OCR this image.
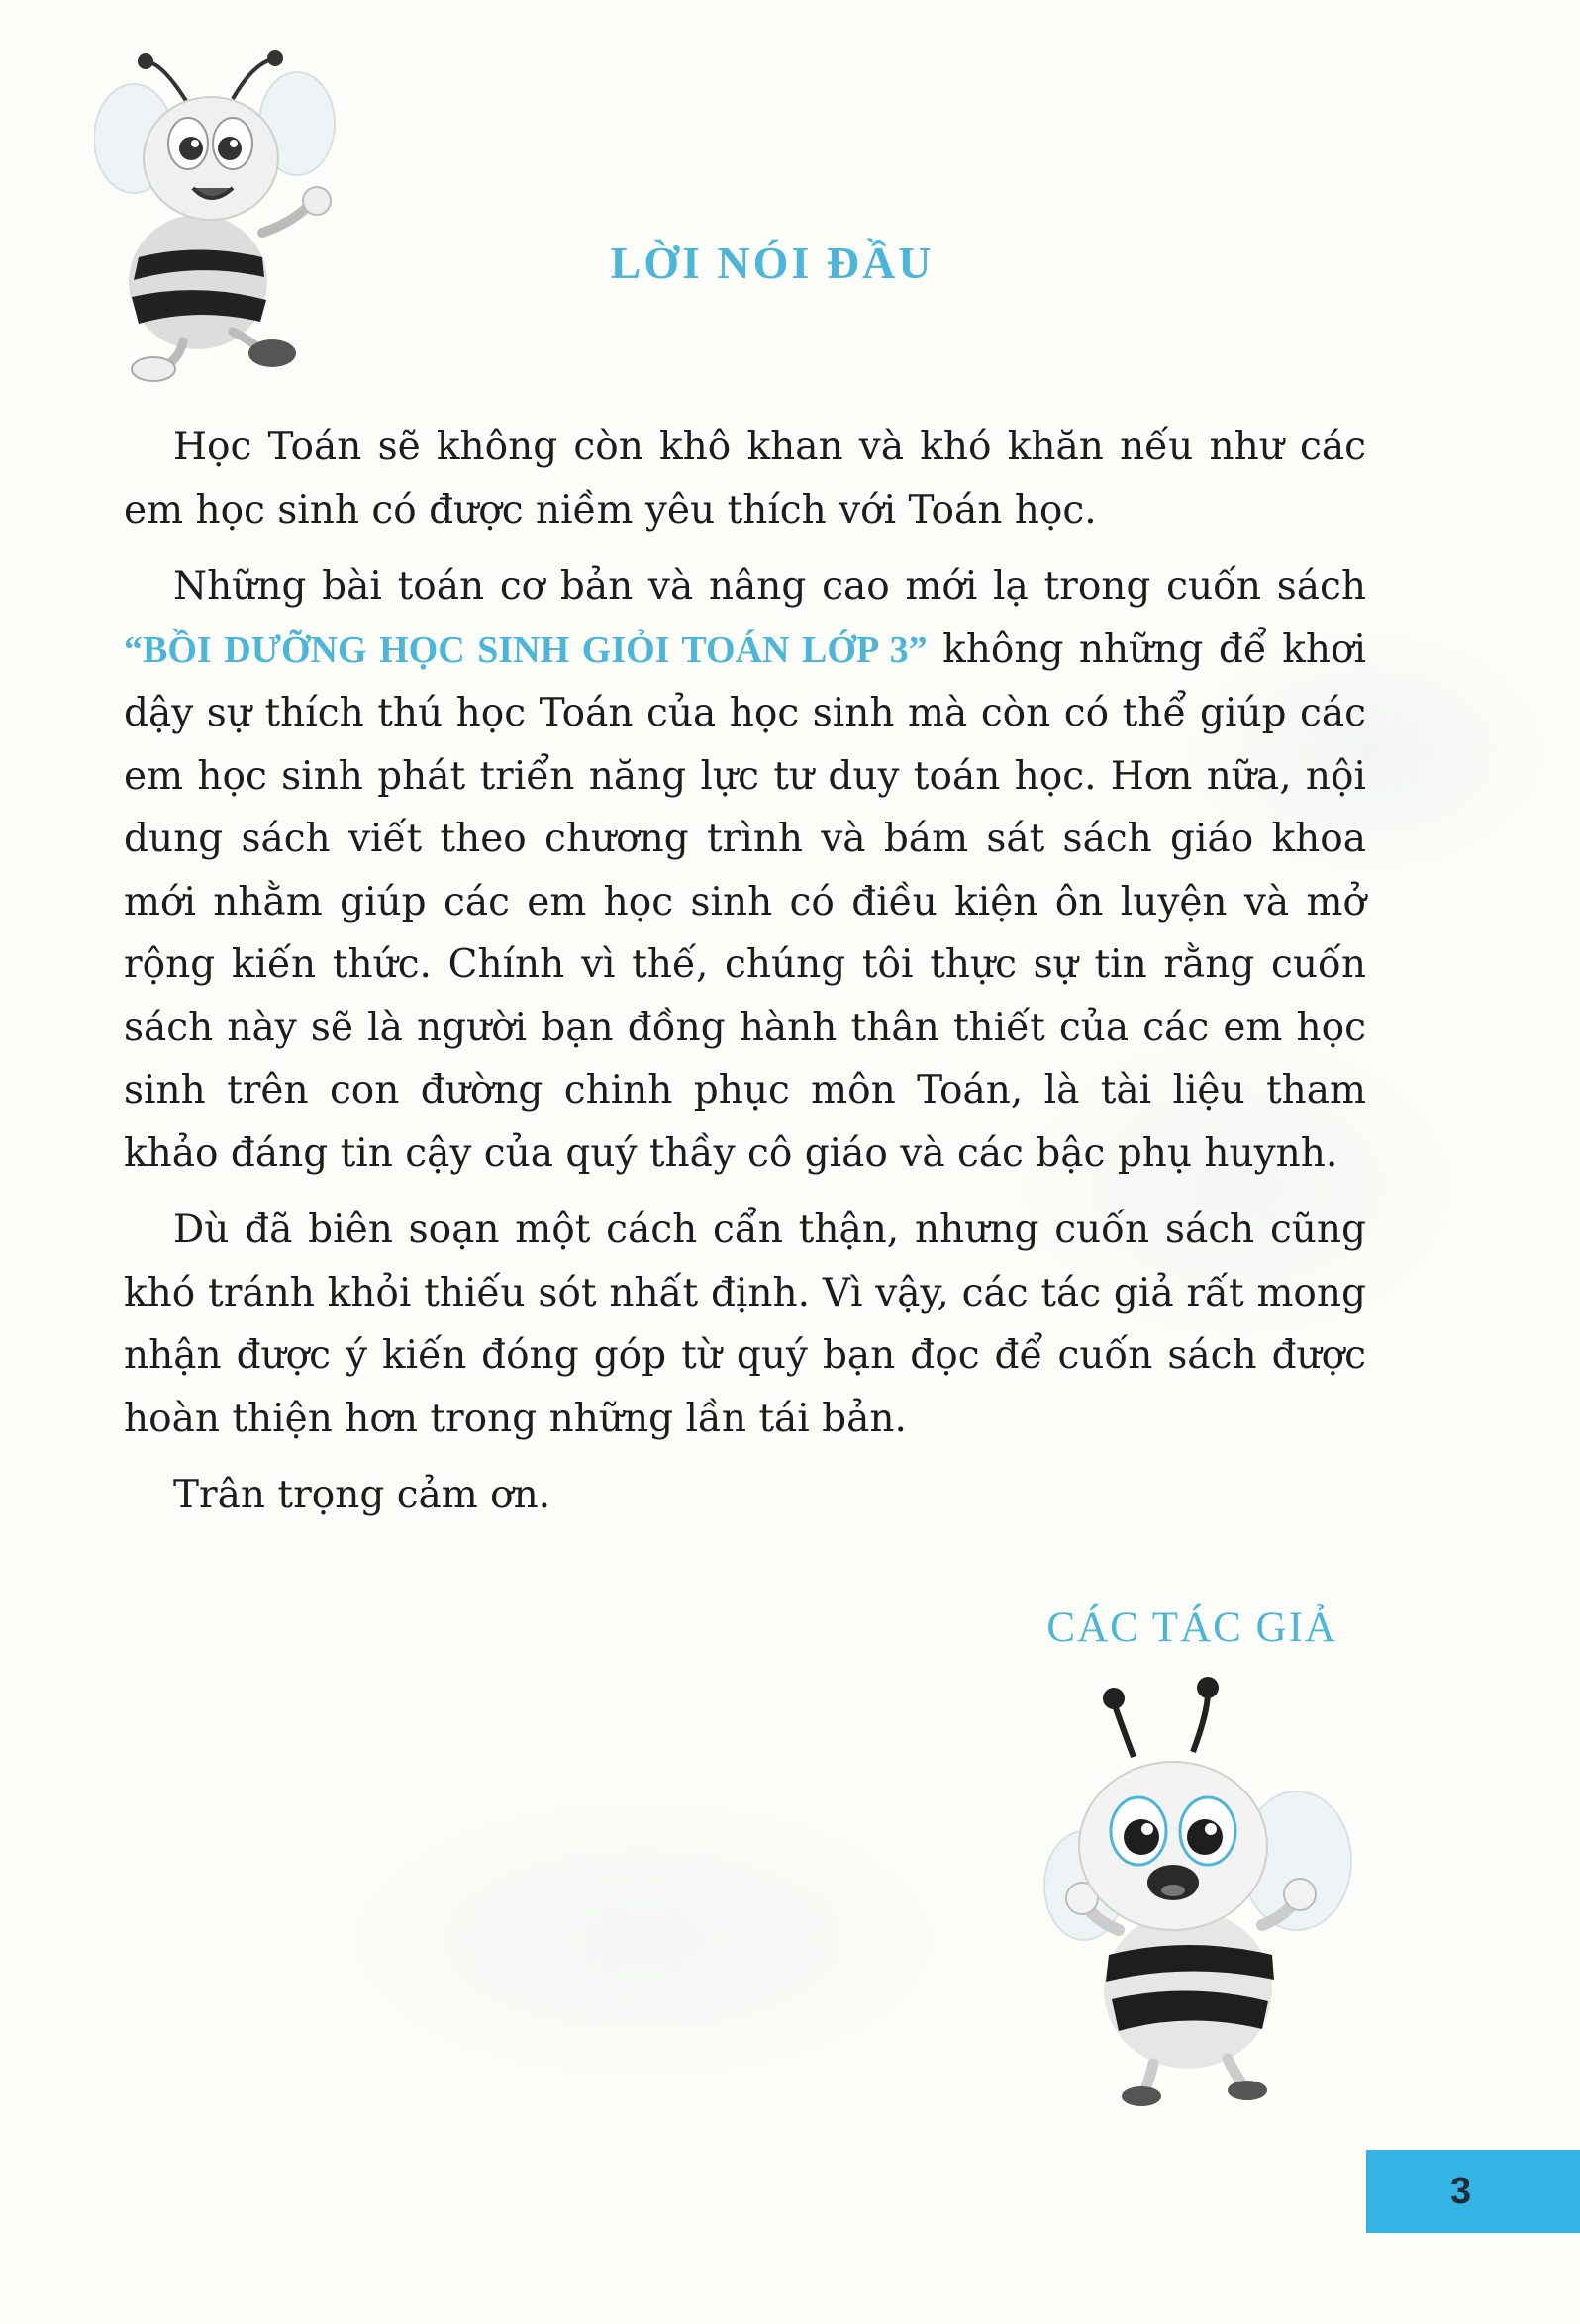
LỜI NÓI ĐẦU

Học Toán sẽ không còn khô khan và khó khăn nếu như các em học sinh có được niềm yêu thích với Toán học.

Những bài toán cơ bản và nâng cao mới lạ trong cuốn sách “BỒI DƯỠNG HỌC SINH GIỎI TOÁN LỚP 3” không những để khơi dậy sự thích thú học Toán của học sinh mà còn có thể giúp các em học sinh phát triển năng lực tư duy toán học. Hơn nữa, nội dung sách viết theo chương trình và bám sát sách giáo khoa mới nhằm giúp các em học sinh có điều kiện ôn luyện và mở rộng kiến thức. Chính vì thế, chúng tôi thực sự tin rằng cuốn sách này sẽ là người bạn đồng hành thân thiết của các em học sinh trên con đường chinh phục môn Toán, là tài liệu tham khảo đáng tin cậy của quý thầy cô giáo và các bậc phụ huynh.

Dù đã biên soạn một cách cẩn thận, nhưng cuốn sách cũng khó tránh khỏi thiếu sót nhất định. Vì vậy, các tác giả rất mong nhận được ý kiến đóng góp từ quý bạn đọc để cuốn sách được hoàn thiện hơn trong những lần tái bản.

Trân trọng cảm ơn.

CÁC TÁC GIẢ
3
